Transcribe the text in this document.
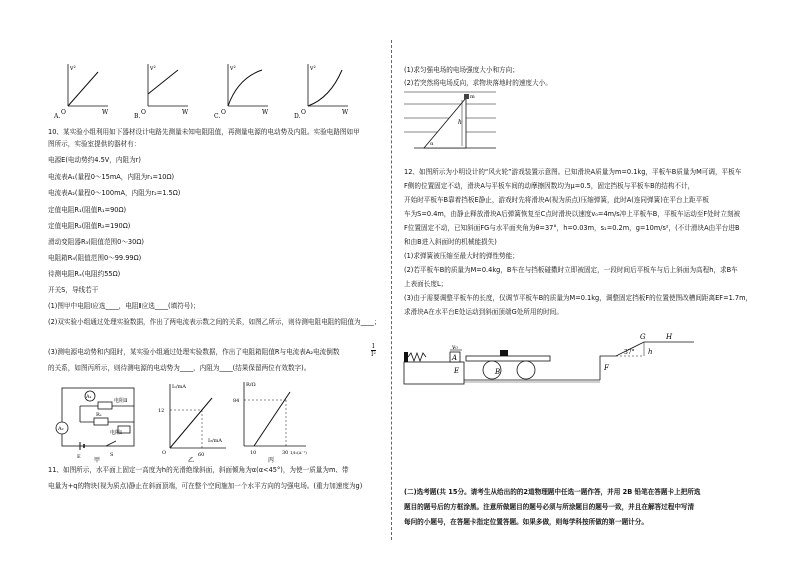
v²
O	W
A.
v²
O	W
B.
v²
O	W
C.
v²
O	W
D.
10、某实验小组利用如下器材设计电路先测量未知电阻阻值，再测量电源的电动势及内阻。实验电路图如甲
图所示，实验室提供的器材有：
电源E(电动势约4.5V，内阻为r)
电流表A₁(量程0～15mA，内阻为r₁=10Ω)
电流表A₂(量程0～100mA，内阻为r₂=1.5Ω)
定值电阻R₁(阻值R₁=90Ω)
定值电阻R₂(阻值R₂=190Ω)
滑动变阻器R₃(阻值范围0～30Ω)
电阻箱R₄(阻值范围0～99.99Ω)
待测电阻Rₓ(电阻约55Ω)
开关S，导线若干
(1)图甲中电阻Ⅰ应选____，电阻Ⅱ应选____(填符号)；
(2)双实验小组通过处理实验数据，作出了两电流表示数之间的关系，如图乙所示，则待测电阻电阻的阻值为____；
(3)测电源电动势和内阻时，某实验小组通过处理实验数据，作出了电阻箱阻值R与电流表A₂电流倒数
1
I²
的关系，如图丙所示，则待测电源的电动势为____，内阻为____(结果保留两位有效数字)。
A₂
A₁
电阻Ⅱ
Rₓ
电阻Ⅰ
E	S
甲
I₁/mA
12
60
I₂/mA
O
乙
R/Ω
84
10	30 1/I₂(A⁻¹)
丙
11、如图所示，水平面上固定一高度为h的光滑绝缘斜面，斜面倾角为α(α<45°)，为使一质量为m、带
电量为+q的物块(视为质点)静止在斜面顶端，可在整个空间施加一个水平方向的匀强电场。(重力加速度为g)
(1)求匀强电场的电场强度大小和方向；
(2)若突然将电场反向，求物块落地时的速度大小。
h
α
m
12、如图所示为小明设计的“风火轮”游戏装置示意图。已知滑块A质量为m=0.1kg，平板车B质量为M可调，平板车
F侧的位置固定不动，滑块A与平板车间的动摩擦因数均为μ=0.5，固定挡板与平板车B的结构不计，
开始时平板车B靠着挡板E静止，游戏时先将滑块A(视为质点)压缩弹簧，此时A(连同弹簧)在平台上距平板
车为S=0.4m，由静止释放滑块A后弹簧恢复至C点时滑块以速度v₀=4m/s冲上平板车B，平板车运动至F处时立刻被
F位置固定不动，已知斜面FG与水平面夹角为θ=37°，h=0.03m，s₁=0.2m，g=10m/s²，(不计滑块A由平台进B
和由B进入斜面时的机械能损失)
(1)求弹簧被压缩至最大时的弹性势能；
(2)若平板车B的质量为M=0.4kg，B车在与挡板碰擞时立即被固定，一段时间后平板车与后上斜面为高程h，求B车
上表面长度L；
(3)由于需要调整平板车的长度，仅调节平板车B的质量为M=0.1kg，调整固定挡板F的位置使图改槽间距离EF=1.7m，
求滑块A在水平台E处运动到斜面顶端G处所用的时间。
A
v₀
E	B	F
G	H
h
37°
(二)选考题(共 15分。请考生从给出的的2道物理题中任选一题作答，并用 2B 铅笔在答题卡上把所选
题目的题号后的方框涂黑。注意所做题目的题号必须与所涂题目的题号一致，并且在解答过程中写清
每问的小题号，在答题卡指定位置答题。如果多做，则每学科按所做的第一题计分。
